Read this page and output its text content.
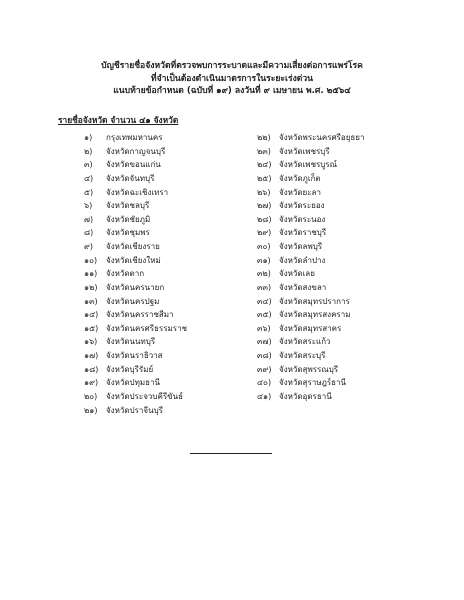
บัญชีรายชื่อจังหวัดที่ตรวจพบการระบาดและมีความเสี่ยงต่อการแพร่โรค
ที่จำเป็นต้องดำเนินมาตรการในระยะเร่งด่วน
แนบท้ายข้อกำหนด (ฉบับที่ ๑๙) ลงวันที่ ๙ เมษายน พ.ศ. ๒๕๖๔
รายชื่อจังหวัด จำนวน ๔๑ จังหวัด
๑) กรุงเทพมหานคร
๒) จังหวัดกาญจนบุรี
๓) จังหวัดขอนแก่น
๔) จังหวัดจันทบุรี
๕) จังหวัดฉะเชิงเทรา
๖) จังหวัดชลบุรี
๗) จังหวัดชัยภูมิ
๘) จังหวัดชุมพร
๙) จังหวัดเชียงราย
๑๐) จังหวัดเชียงใหม่
๑๑) จังหวัดตาก
๑๒) จังหวัดนครนายก
๑๓) จังหวัดนครปฐม
๑๔) จังหวัดนครราชสีมา
๑๕) จังหวัดนครศรีธรรมราช
๑๖) จังหวัดนนทบุรี
๑๗) จังหวัดนราธิวาส
๑๘) จังหวัดบุรีรัมย์
๑๙) จังหวัดปทุมธานี
๒๐) จังหวัดประจวบคีรีขันธ์
๒๑) จังหวัดปราจีนบุรี
๒๒) จังหวัดพระนครศรีอยุธยา
๒๓) จังหวัดเพชรบุรี
๒๔) จังหวัดเพชรบูรณ์
๒๕) จังหวัดภูเก็ต
๒๖) จังหวัดยะลา
๒๗) จังหวัดระยอง
๒๘) จังหวัดระนอง
๒๙) จังหวัดราชบุรี
๓๐) จังหวัดลพบุรี
๓๑) จังหวัดลำปาง
๓๒) จังหวัดเลย
๓๓) จังหวัดสงขลา
๓๔) จังหวัดสมุทรปราการ
๓๕) จังหวัดสมุทรสงคราม
๓๖) จังหวัดสมุทรสาคร
๓๗) จังหวัดสระแก้ว
๓๘) จังหวัดสระบุรี
๓๙) จังหวัดสุพรรณบุรี
๔๐) จังหวัดสุราษฎร์ธานี
๔๑) จังหวัดอุดรธานี
